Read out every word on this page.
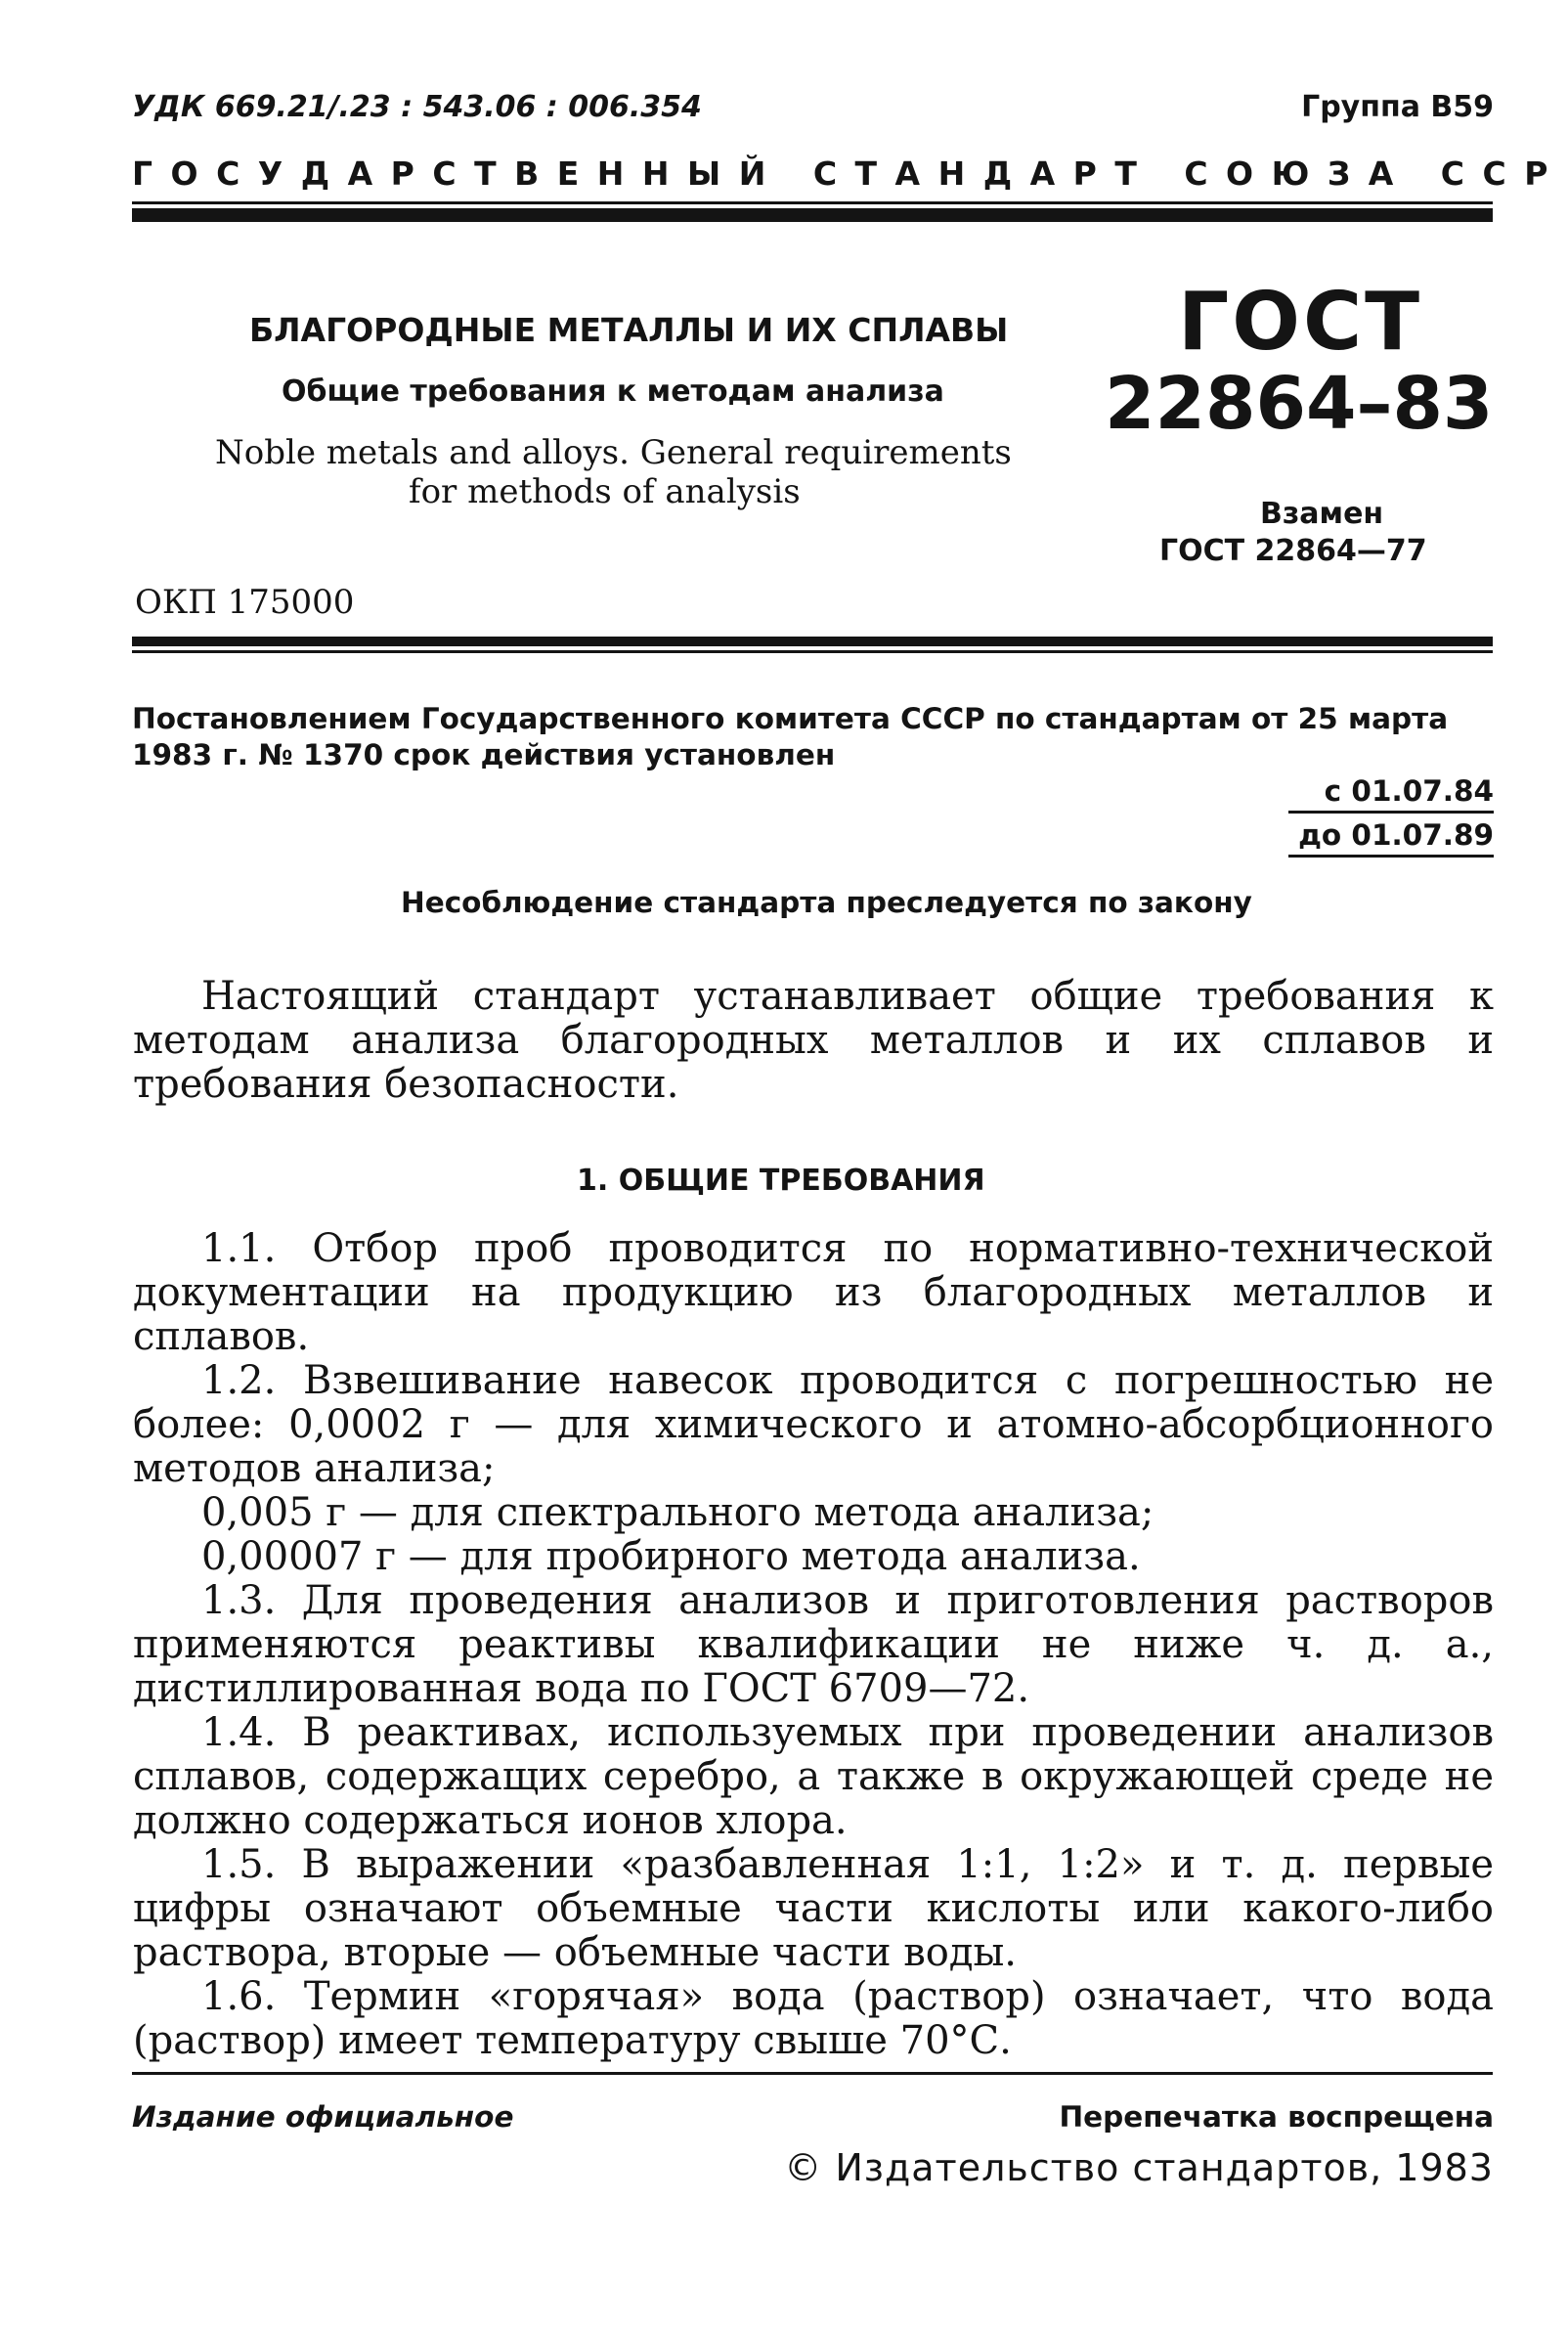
УДК 669.21/.23 : 543.06 : 006.354	Группа В59
ГОСУДАРСТВЕННЫЙ СТАНДАРТ СОЮЗА ССР
БЛАГОРОДНЫЕ МЕТАЛЛЫ И ИХ СПЛАВЫ
Общие требования к методам анализа
Noble metals and alloys. General requirements
for methods of analysis
ОКП 175000
ГОСТ
22864–83
Взамен
ГОСТ 22864—77
Постановлением Государственного комитета СССР по стандартам от 25 марта
1983 г. № 1370 срок действия установлен
с 01.07.84
до 01.07.89
Несоблюдение стандарта преследуется по закону

Настоящий стандарт устанавливает общие требования к методам анализа благородных металлов и их сплавов и требования безопасности.

1. ОБЩИЕ ТРЕБОВАНИЯ

1.1. Отбор проб проводится по нормативно-технической документации на продукцию из благородных металлов и сплавов.

1.2. Взвешивание навесок проводится с погрешностью не более: 0,0002 г — для химического и атомно-абсорбционного методов анализа;

0,005 г — для спектрального метода анализа;

0,00007 г — для пробирного метода анализа.

1.3. Для проведения анализов и приготовления растворов применяются реактивы квалификации не ниже ч. д. а., дистиллированная вода по ГОСТ 6709—72.

1.4. В реактивах, используемых при проведении анализов сплавов, содержащих серебро, а также в окружающей среде не должно содержаться ионов хлора.

1.5. В выражении «разбавленная 1:1, 1:2» и т. д. первые цифры означают объемные части кислоты или какого-либо раствора, вторые — объемные части воды.

1.6. Термин «горячая» вода (раствор) означает, что вода (раствор) имеет температуру свыше 70°С.

Издание официальное	Перепечатка воспрещена
© Издательство стандартов, 1983
